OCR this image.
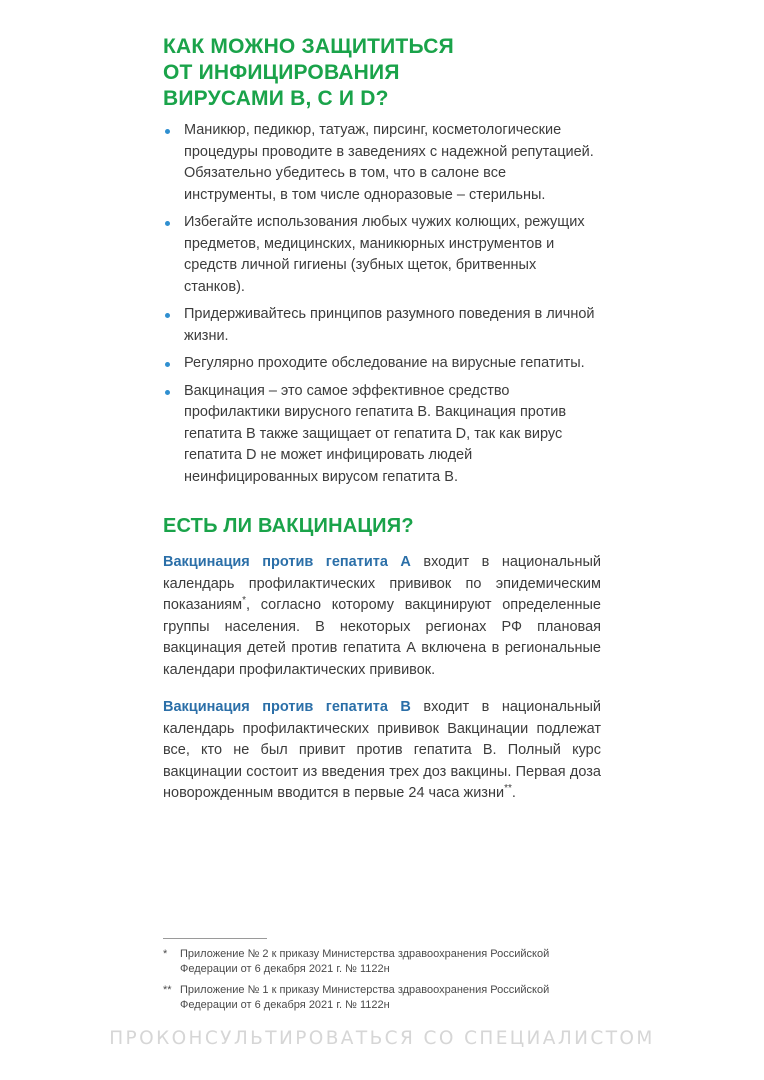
КАК МОЖНО ЗАЩИТИТЬСЯ
ОТ ИНФИЦИРОВАНИЯ
ВИРУСАМИ B, C И D?
Маникюр, педикюр, татуаж, пирсинг, косметологические процедуры проводите в заведениях с надежной репутацией. Обязательно убедитесь в том, что в салоне все инструменты, в том числе одноразовые – стерильны.
Избегайте использования любых чужих колющих, режущих предметов, медицинских, маникюрных инструментов и средств личной гигиены (зубных щеток, бритвенных станков).
Придерживайтесь принципов разумного поведения в личной жизни.
Регулярно проходите обследование на вирусные гепатиты.
Вакцинация – это самое эффективное средство профилактики вирусного гепатита B. Вакцинация против гепатита B также защищает от гепатита D, так как вирус гепатита D не может инфицировать людей неинфицированных вирусом гепатита B.
ЕСТЬ ЛИ ВАКЦИНАЦИЯ?

Вакцинация против гепатита А входит в национальный календарь профилактических прививок по эпидемическим показаниям*, согласно которому вакцинируют определенные группы населения. В некоторых регионах РФ плановая вакцинация детей против гепатита А включена в региональные календари профилактических прививок.

Вакцинация против гепатита В входит в национальный календарь профилактических прививок Вакцинации подлежат все, кто не был привит против гепатита B. Полный курс вакцинации состоит из введения трех доз вакцины. Первая доза новорожденным вводится в первые 24 часа жизни**.

*	Приложение № 2 к приказу Министерства здравоохранения Российской Федерации от 6 декабря 2021 г. № 1122н
** Приложение № 1 к приказу Министерства здравоохранения Российской Федерации от 6 декабря 2021 г. № 1122н
ПРОКОНСУЛЬТИРОВАТЬСЯ СО СПЕЦИАЛИСТОМ
